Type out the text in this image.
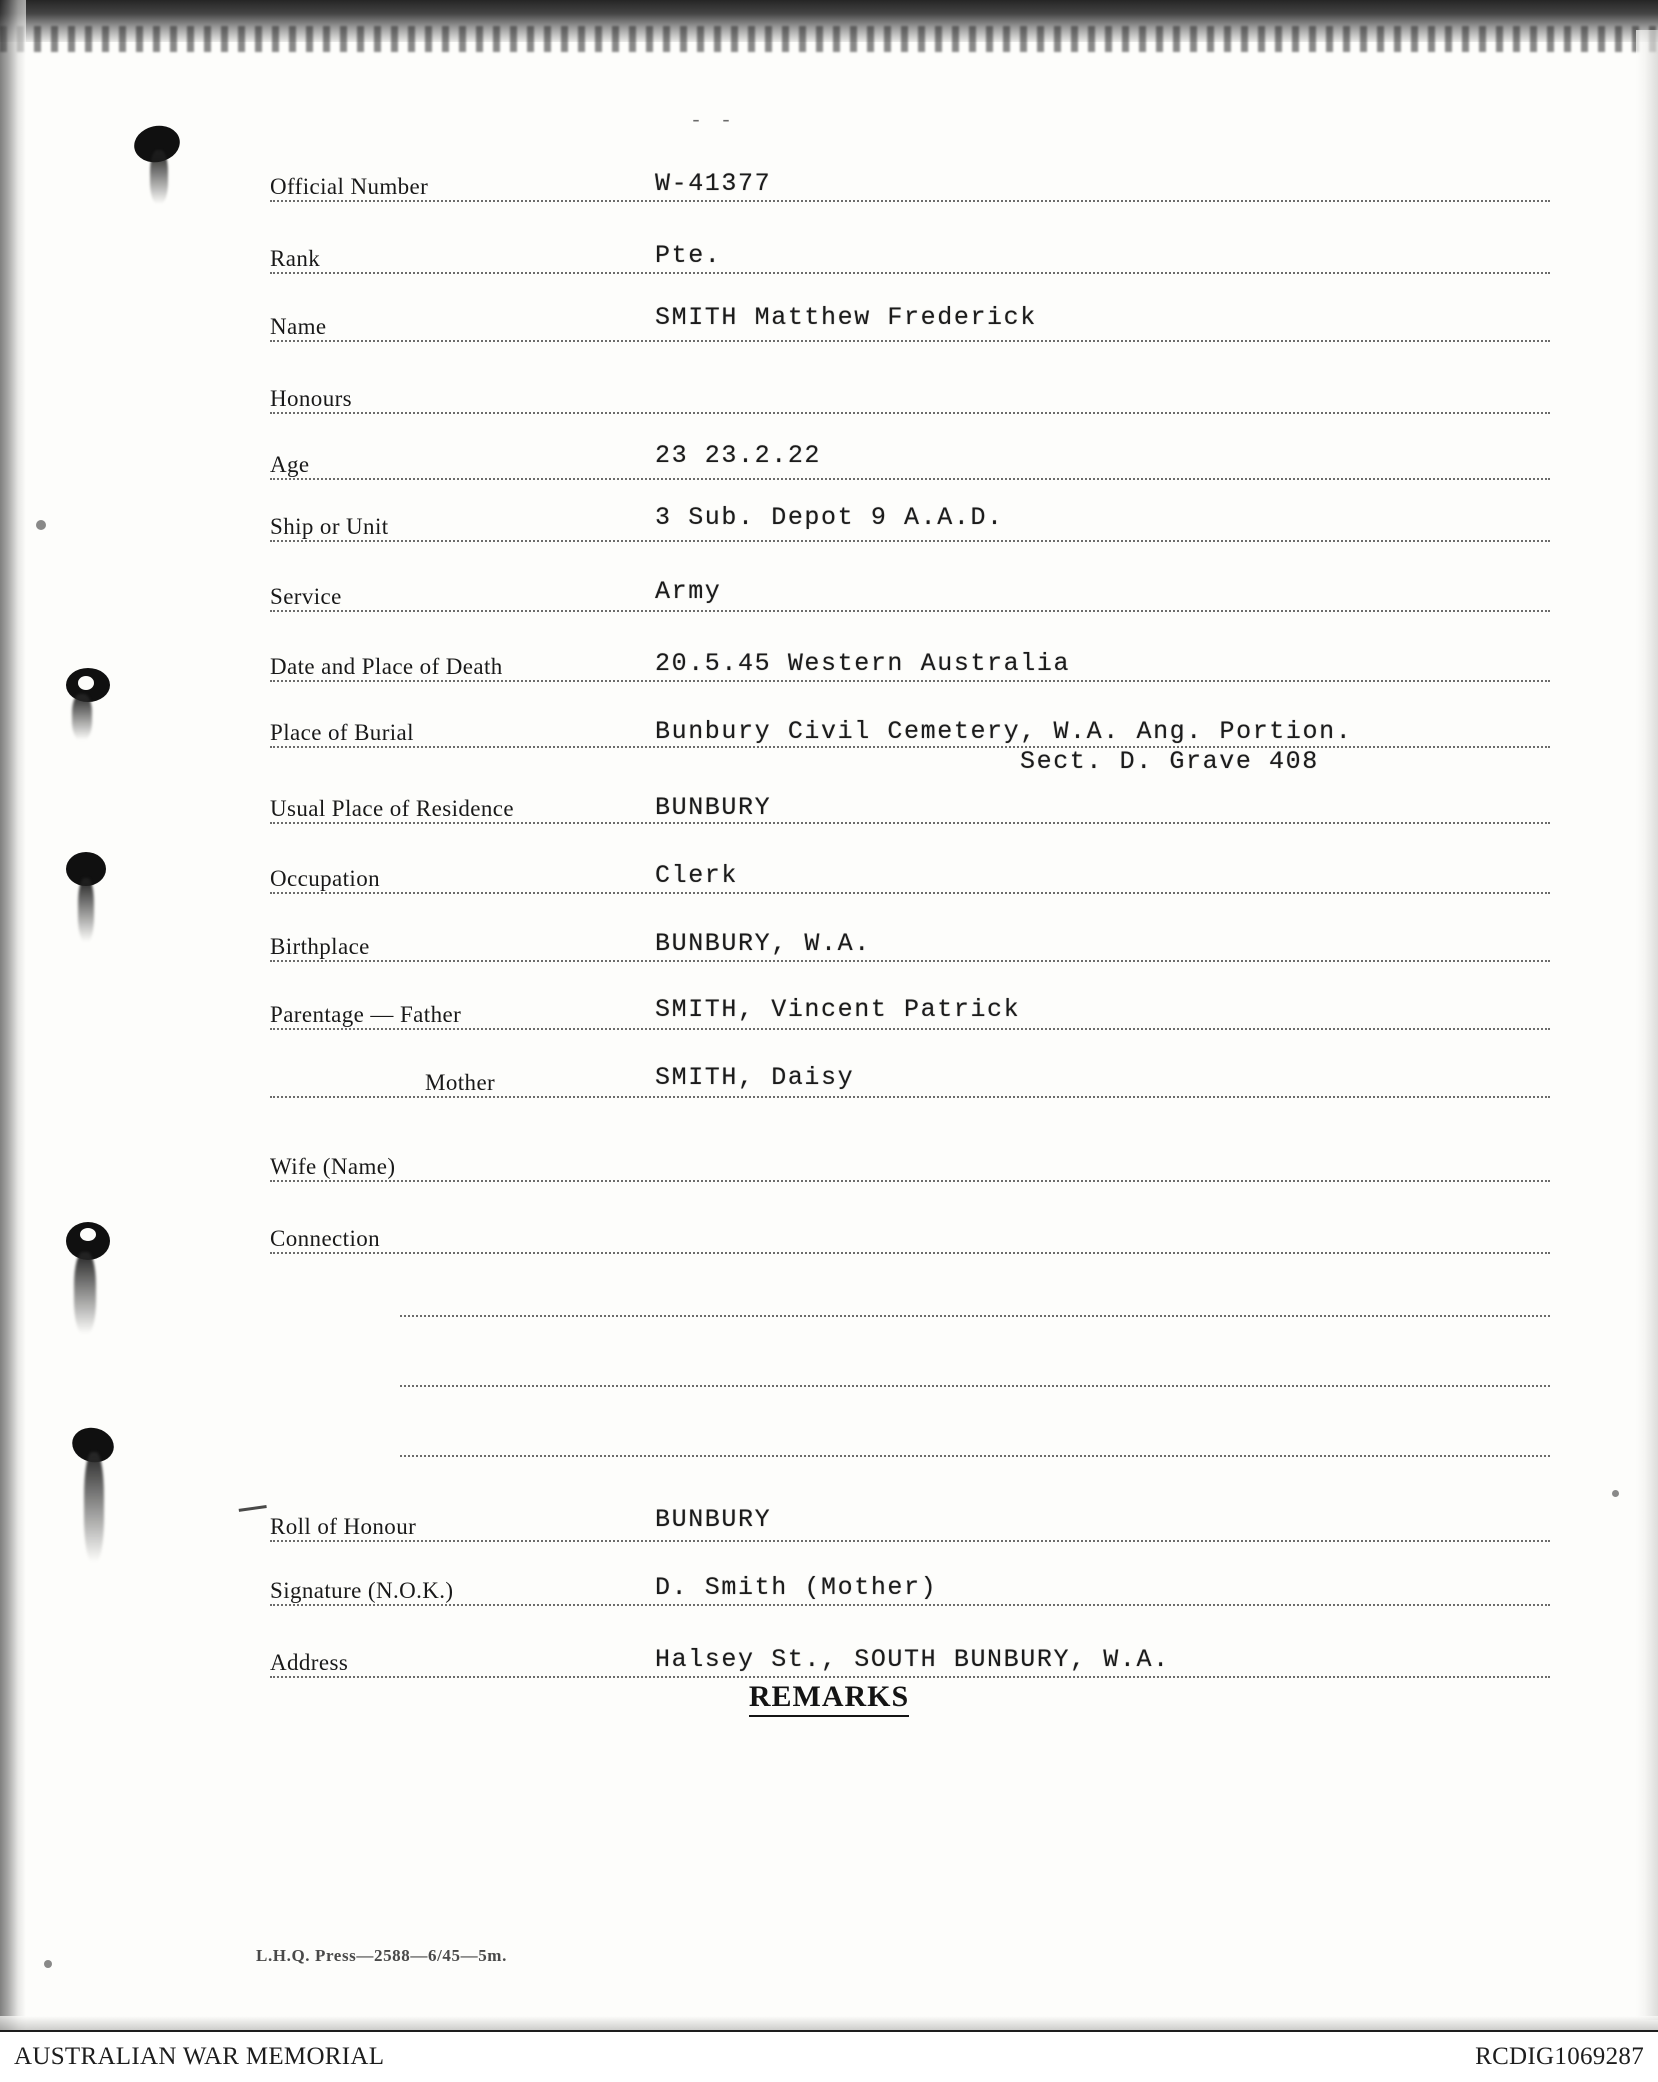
- -
Official Number	W-41377
Rank	Pte.
Name	SMITH Matthew Frederick
Honours
Age	23 23.2.22
Ship or Unit	3 Sub. Depot 9 A.A.D.
Service	Army
Date and Place of Death	20.5.45 Western Australia
Place of Burial	Bunbury Civil Cemetery, W.A. Ang. Portion.
Sect. D. Grave 408
Usual Place of Residence	BUNBURY
Occupation	Clerk
Birthplace	BUNBURY, W.A.
Parentage — Father	SMITH, Vincent Patrick
Mother	SMITH, Daisy
Wife (Name)
Connection
Roll of Honour	BUNBURY
Signature (N.O.K.)	D. Smith (Mother)
Address	Halsey St., SOUTH BUNBURY, W.A.
REMARKS
L.H.Q. Press—2588—6/45—5m.
AUSTRALIAN WAR MEMORIAL	RCDIG1069287
